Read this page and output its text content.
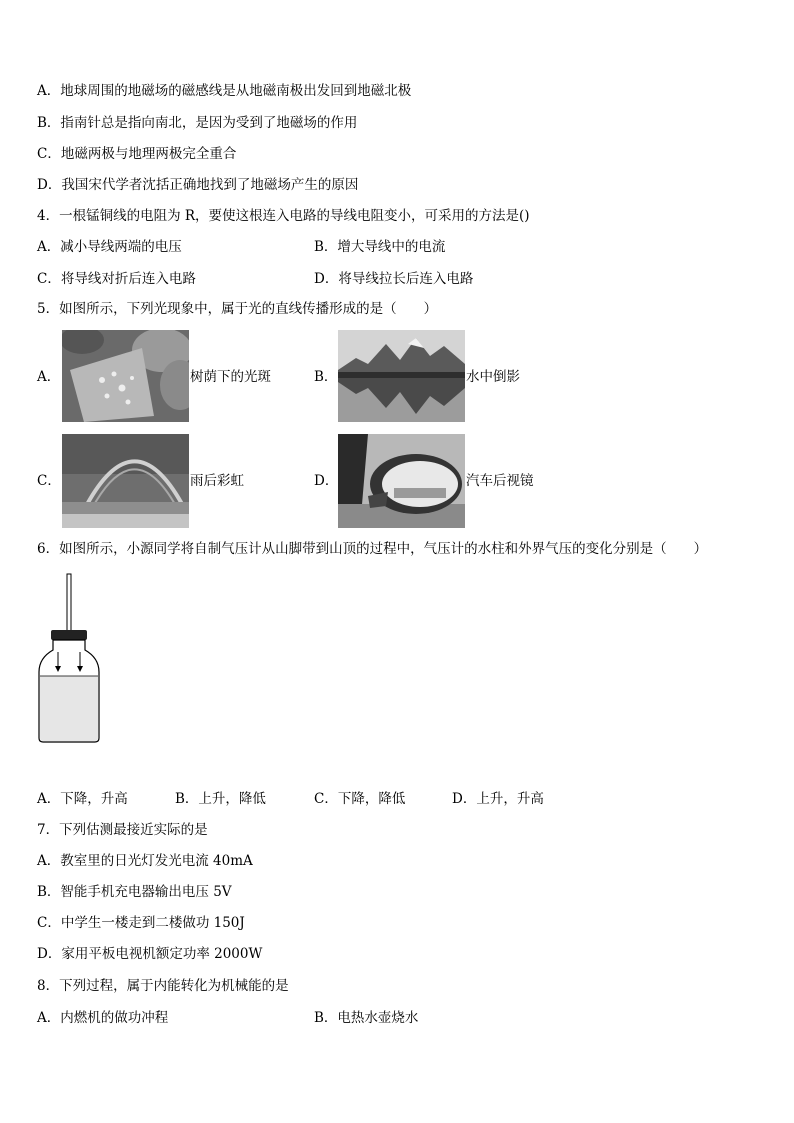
A．地球周围的地磁场的磁感线是从地磁南极出发回到地磁北极
B．指南针总是指向南北，是因为受到了地磁场的作用
C．地磁两极与地理两极完全重合
D．我国宋代学者沈括正确地找到了地磁场产生的原因
4．一根锰铜线的电阻为 R，要使这根连入电路的导线电阻变小，可采用的方法是()
A．减小导线两端的电压	B．增大导线中的电流
C．将导线对折后连入电路	D．将导线拉长后连入电路
5．如图所示，下列光现象中，属于光的直线传播形成的是（　　）
A．	树荫下的光斑	B．	水中倒影
C．	雨后彩虹	D．	汽车后视镜
6．如图所示，小源同学将自制气压计从山脚带到山顶的过程中，气压计的水柱和外界气压的变化分别是（　　）
A．下降，升高	B．上升，降低	C．下降，降低	D．上升，升高
7．下列估测最接近实际的是
A．教室里的日光灯发光电流 40mA
B．智能手机充电器输出电压 5V
C．中学生一楼走到二楼做功 150J
D．家用平板电视机额定功率 2000W
8．下列过程，属于内能转化为机械能的是
A．内燃机的做功冲程	B．电热水壶烧水
